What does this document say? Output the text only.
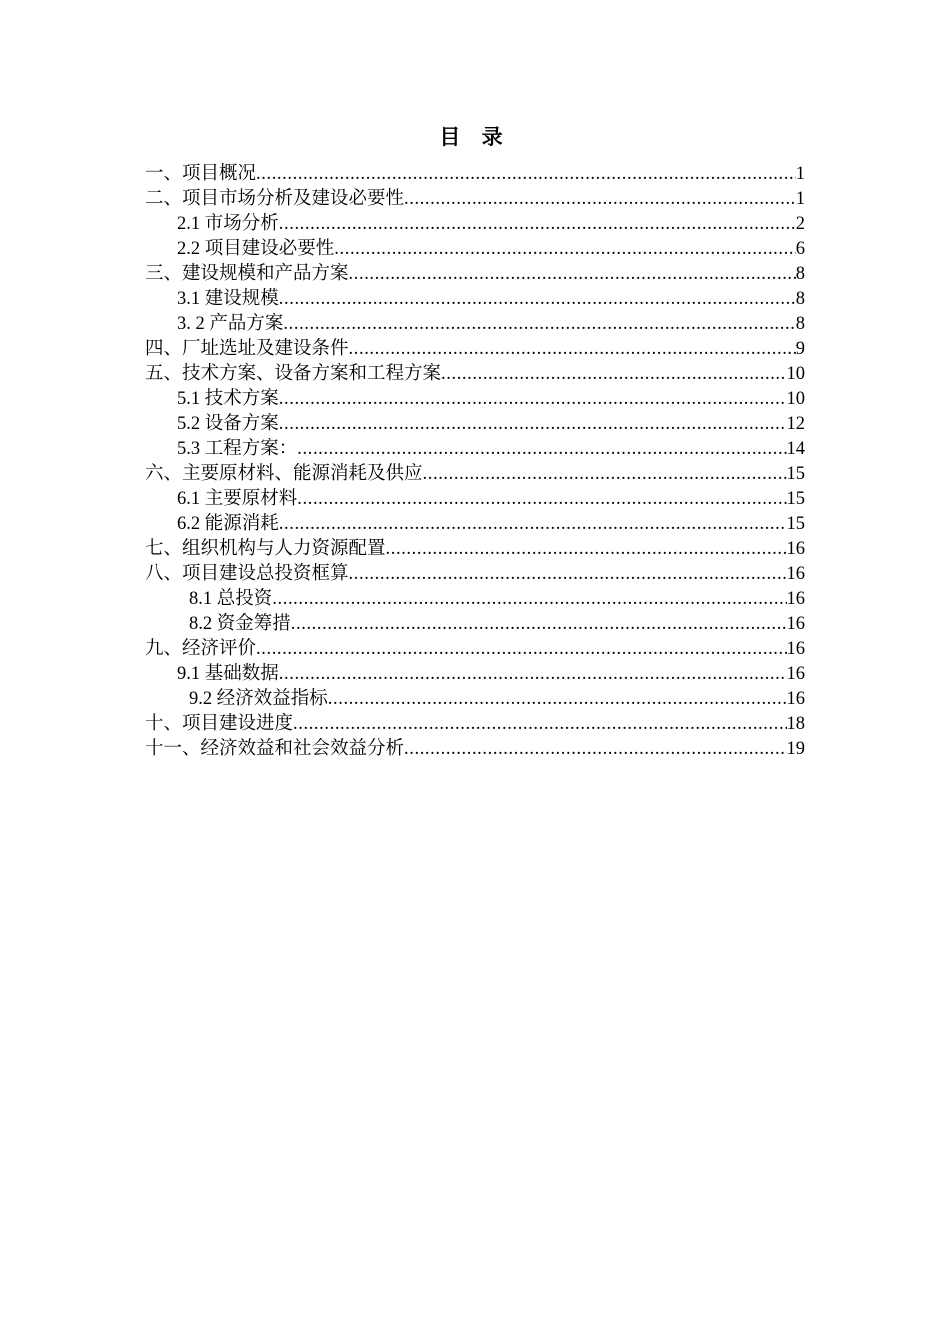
目 录
一、项目概况 .....	1
二、项目市场分析及建设必要性 .....	1
2.1 市场分析 .....	2
2.2 项目建设必要性 .....	6
三、建设规模和产品方案 .....	8
3.1 建设规模 .....	8
3. 2 产品方案 .....	8
四、厂址选址及建设条件 .....	9
五、技术方案、设备方案和工程方案 .....	10
5.1 技术方案 .....	10
5.2 设备方案 .....	12
5.3 工程方案： .....	14
六、主要原材料、能源消耗及供应 .....	15
6.1 主要原材料 .....	15
6.2 能源消耗 .....	15
七、组织机构与人力资源配置 .....	16
八、项目建设总投资框算 .....	16
8.1 总投资 .....	16
8.2 资金筹措 .....	16
九、经济评价 .....	16
9.1 基础数据 .....	16
9.2 经济效益指标 .....	16
十、项目建设进度 .....	18
十一、经济效益和社会效益分析 .....	19
